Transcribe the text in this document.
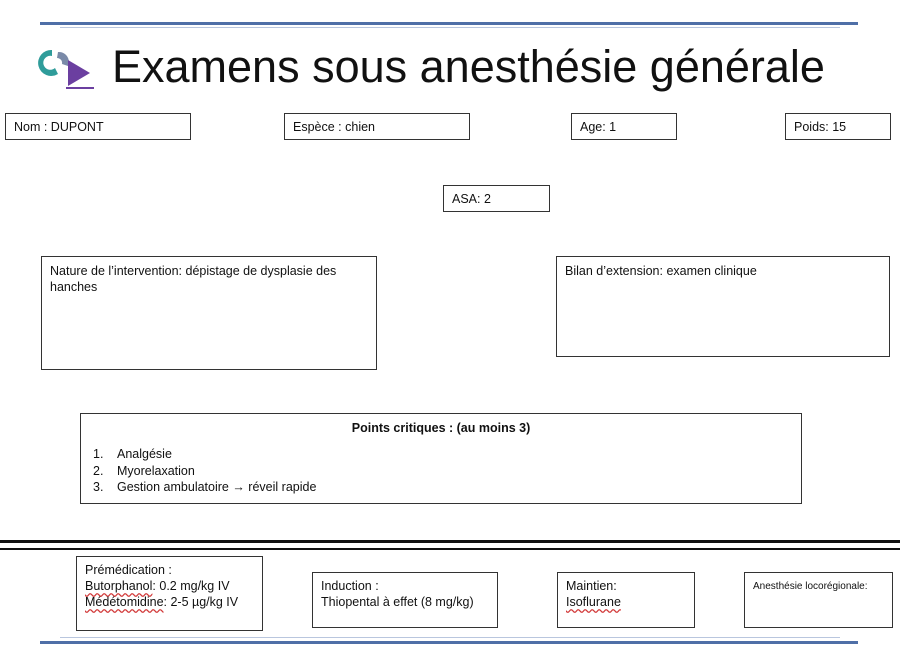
Examens sous anesthésie générale
Nom : DUPONT	Espèce : chien	Age: 1	Poids: 15
ASA: 2
Nature de l’intervention: dépistage de dysplasie des hanches
Bilan d’extension: examen clinique
Points critiques : (au moins 3)
1.	Analgésie
2.	Myorelaxation
3.	Gestion ambulatoire → réveil rapide
Prémédication :
Butorphanol: 0.2 mg/kg IV
Médétomidine: 2-5 µg/kg IV
Induction :
Thiopental à effet (8 mg/kg)
Maintien:
Isoflurane
Anesthésie locorégionale:
